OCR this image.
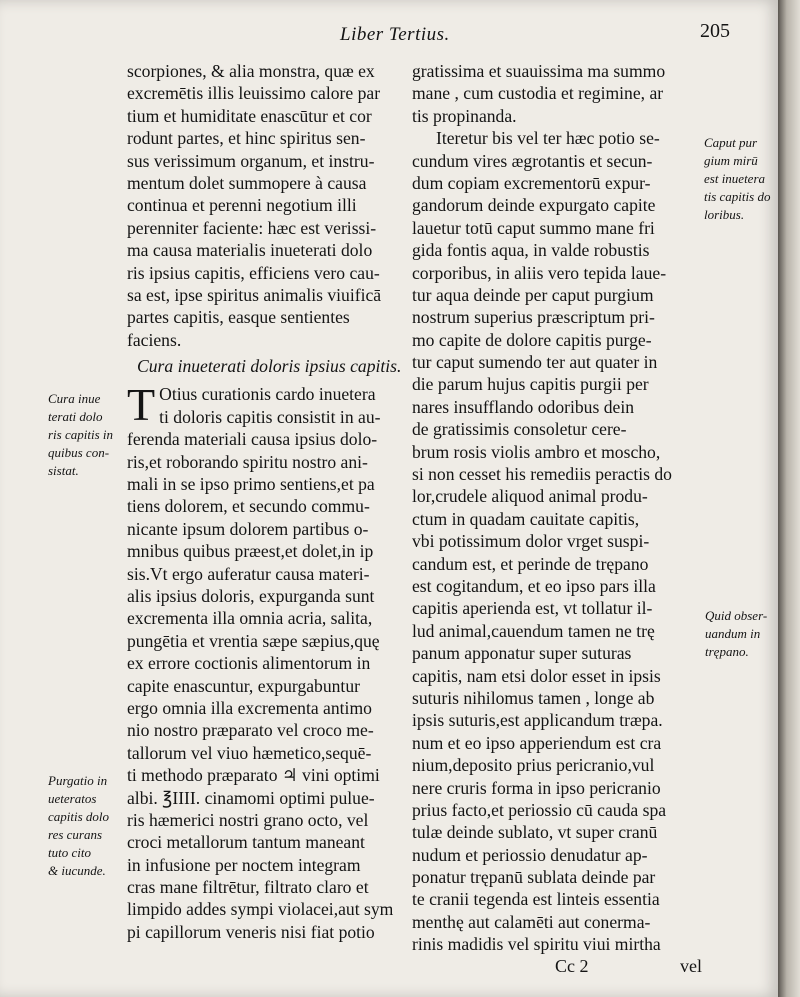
Liber Tertius.	205
scorpiones, & alia monstra, quæ ex
excremētis illis leuissimo calore par
tium et humiditate enascūtur et cor
rodunt partes, et hinc spiritus sen-
sus verissimum organum, et instru-
mentum dolet summopere à causa
continua et perenni negotium illi
perenniter faciente: hæc est verissi-
ma causa materialis inueterati dolo
ris ipsius capitis, efficiens vero cau-
sa est, ipse spiritus animalis viuificā
partes capitis, easque sentientes
faciens.
Cura inueterati doloris ipsius capitis.
T Otius curationis cardo inuetera
ti doloris capitis consistit in au-
ferenda materiali causa ipsius dolo-
ris,et roborando spiritu nostro ani-
mali in se ipso primo sentiens,et pa
tiens dolorem, et secundo commu-
nicante ipsum dolorem partibus o-
mnibus quibus præest,et dolet,in ip
sis.Vt ergo auferatur causa materi-
alis ipsius doloris, expurganda sunt
excrementa illa omnia acria, salita,
pungētia et vrentia sæpe sæpius,quę
ex errore coctionis alimentorum in
capite enascuntur, expurgabuntur
ergo omnia illa excrementa antimo
nio nostro præparato vel croco me-
tallorum vel viuo hæmetico,sequē-
ti methodo præparato ♃ vini optimi
albi. ℥IIII. cinamomi optimi pulue-
ris hæmerici nostri grano octo, vel
croci metallorum tantum maneant
in infusione per noctem integram
cras mane filtrētur, filtrato claro et
limpido addes sympi violacei,aut sym
pi capillorum veneris nisi fiat potio
gratissima et suauissima ma summo
mane , cum custodia et regimine, ar
tis propinanda.
Iteretur bis vel ter hæc potio se-
cundum vires ægrotantis et secun-
dum copiam excrementorū expur-
gandorum deinde expurgato capite
lauetur totū caput summo mane fri
gida fontis aqua, in valde robustis
corporibus, in aliis vero tepida laue-
tur aqua deinde per caput purgium
nostrum superius præscriptum pri-
mo capite de dolore capitis purge-
tur caput sumendo ter aut quater in
die parum hujus capitis purgii per
nares insufflando odoribus dein
de gratissimis consoletur cere-
brum rosis violis ambro et moscho,
si non cesset his remediis peractis do
lor,crudele aliquod animal produ-
ctum in quadam cauitate capitis,
vbi potissimum dolor vrget suspi-
candum est, et perinde de trępano
est cogitandum, et eo ipso pars illa
capitis aperienda est, vt tollatur il-
lud animal,cauendum tamen ne trę
panum apponatur super suturas
capitis, nam etsi dolor esset in ipsis
suturis nihilomus tamen , longe ab
ipsis suturis,est applicandum træpa.
num et eo ipso apperiendum est cra
nium,deposito prius pericranio,vul
nere cruris forma in ipso pericranio
prius facto,et periossio cū cauda spa
tulæ deinde sublato, vt super cranū
nudum et periossio denudatur ap-
ponatur trępanū sublata deinde par
te cranii tegenda est linteis essentia
menthę aut calamēti aut conerma-
rinis madidis vel spiritu viui mirtha
Cura inue
terati dolo
ris capitis in
quibus con-
sistat.
Purgatio in
ueteratos
capitis dolo
res curans
tuto cito
& iucunde.
Caput pur
gium mirū
est inuetera
tis capitis do
loribus.
Quid obser-
uandum in
trępano.
Cc 2	vel
